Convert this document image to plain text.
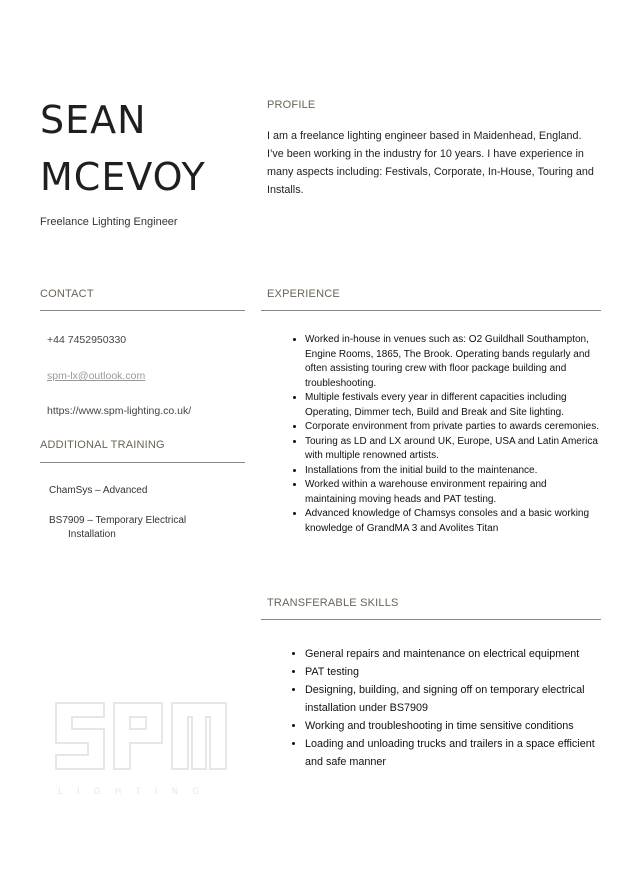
SEAN
MCEVOY
Freelance Lighting Engineer
PROFILE
I am a freelance lighting engineer based in Maidenhead, England. I’ve been working in the industry for 10 years. I have experience in many aspects including: Festivals, Corporate, In-House, Touring and Installs.
CONTACT
+44 7452950330
spm-lx@outlook.com
https://www.spm-lighting.co.uk/
ADDITIONAL TRAINING
ChamSys – Advanced
BS7909 – Temporary Electrical
Installation
EXPERIENCE
• Worked in-house in venues such as: O2 Guildhall Southampton, Engine Rooms, 1865, The Brook. Operating bands regularly and often assisting touring crew with floor package building and troubleshooting.
• Multiple festivals every year in different capacities including Operating, Dimmer tech, Build and Break and Site lighting.
• Corporate environment from private parties to awards ceremonies.
• Touring as LD and LX around UK, Europe, USA and Latin America with multiple renowned artists.
• Installations from the initial build to the maintenance.
• Worked within a warehouse environment repairing and maintaining moving heads and PAT testing.
• Advanced knowledge of Chamsys consoles and a basic working knowledge of GrandMA 3 and Avolites Titan
TRANSFERABLE SKILLS
• General repairs and maintenance on electrical equipment
• PAT testing
• Designing, building, and signing off on temporary electrical installation under BS7909
• Working and troubleshooting in time sensitive conditions
• Loading and unloading trucks and trailers in a space efficient and safe manner
LIGHTING
